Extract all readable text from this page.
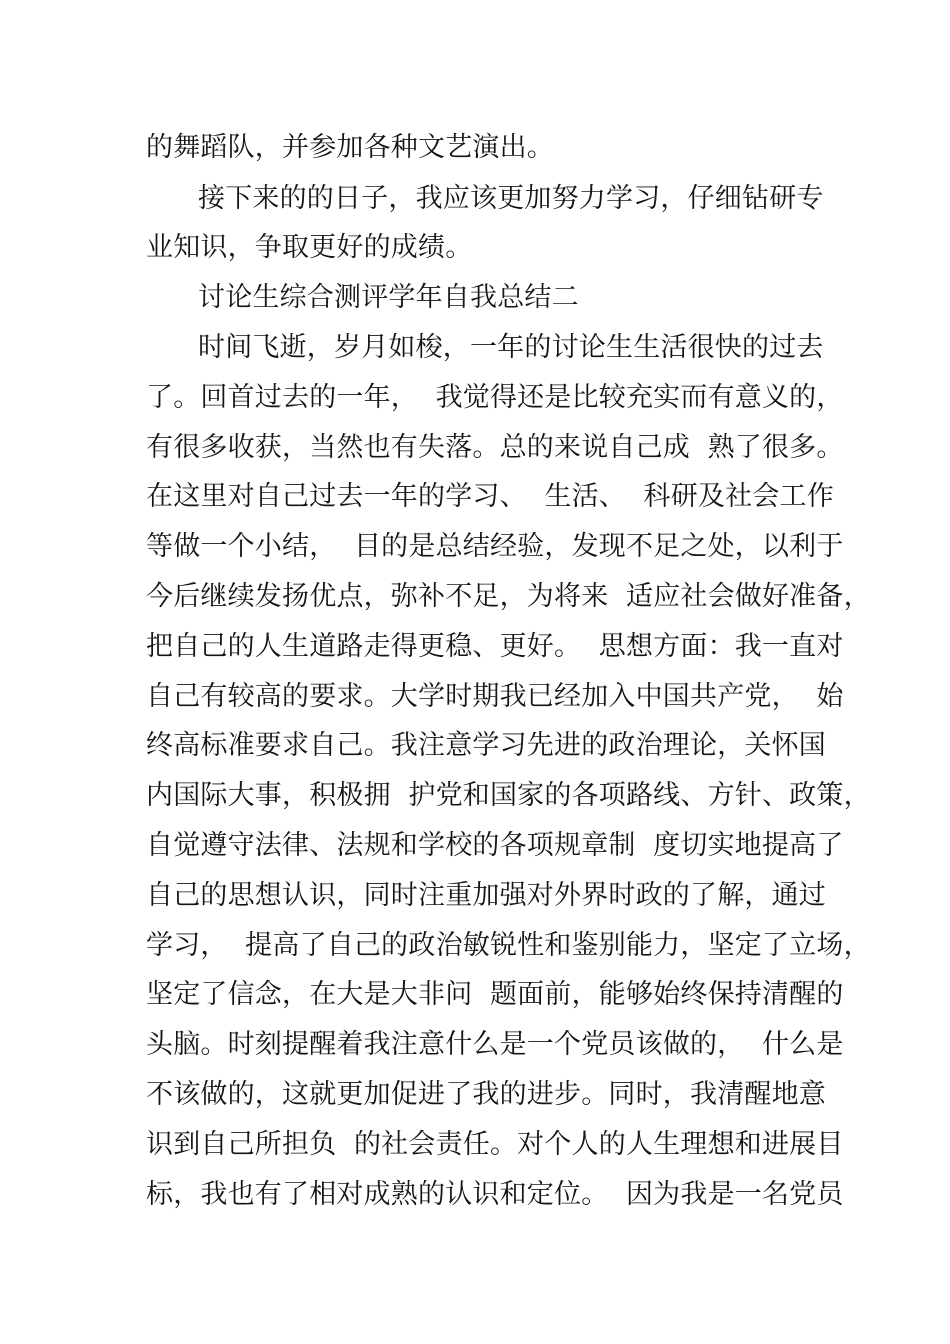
的舞蹈队，并参加各种文艺演出。
接下来的的日子，我应该更加努力学习，仔细钻研专
业知识，争取更好的成绩。
讨论生综合测评学年自我总结二
时间飞逝，岁月如梭，一年的讨论生生活很快的过去
了。回首过去的一年，  我觉得还是比较充实而有意义的，
有很多收获，当然也有失落。总的来说自己成  熟了很多。
在这里对自己过去一年的学习、  生活、  科研及社会工作
等做一个小结，  目的是总结经验，发现不足之处，以利于
今后继续发扬优点，弥补不足，为将来  适应社会做好准备，
把自己的人生道路走得更稳、更好。  思想方面：我一直对
自己有较高的要求。大学时期我已经加入中国共产党，  始
终高标准要求自己。我注意学习先进的政治理论，关怀国
内国际大事，积极拥  护党和国家的各项路线、方针、政策，
自觉遵守法律、法规和学校的各项规章制  度切实地提高了
自己的思想认识，同时注重加强对外界时政的了解，通过
学习，  提高了自己的政治敏锐性和鉴别能力，坚定了立场，
坚定了信念，在大是大非问  题面前，能够始终保持清醒的
头脑。时刻提醒着我注意什么是一个党员该做的，  什么是
不该做的，这就更加促进了我的进步。同时，我清醒地意
识到自己所担负  的社会责任。对个人的人生理想和进展目
标，我也有了相对成熟的认识和定位。  因为我是一名党员
